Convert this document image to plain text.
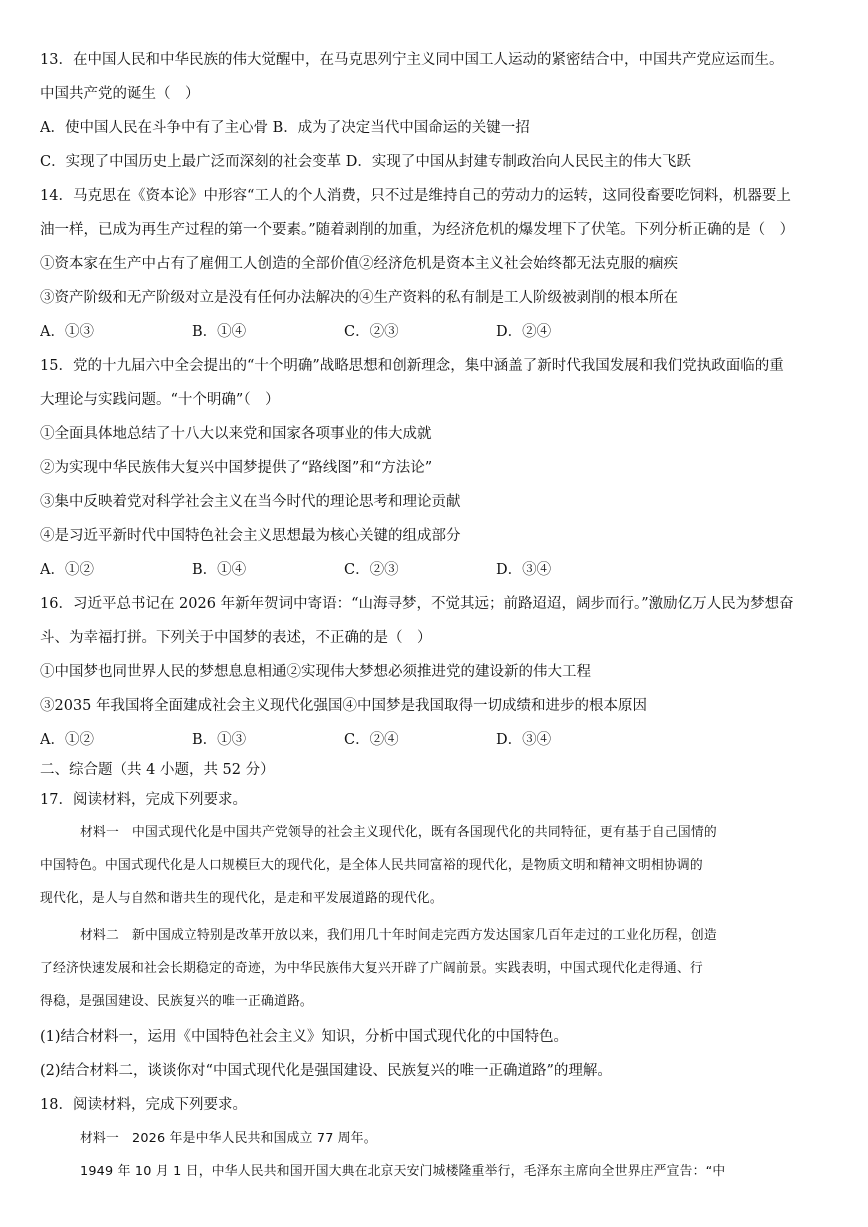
13．在中国人民和中华民族的伟大觉醒中，在马克思列宁主义同中国工人运动的紧密结合中，中国共产党应运而生。
中国共产党的诞生（　）
A．使中国人民在斗争中有了主心骨 B．成为了决定当代中国命运的关键一招
C．实现了中国历史上最广泛而深刻的社会变革 D．实现了中国从封建专制政治向人民民主的伟大飞跃
14．马克思在《资本论》中形容“工人的个人消费，只不过是维持自己的劳动力的运转，这同役畜要吃饲料，机器要上
油一样，已成为再生产过程的第一个要素。”随着剥削的加重，为经济危机的爆发埋下了伏笔。下列分析正确的是（　）
①资本家在生产中占有了雇佣工人创造的全部价值②经济危机是资本主义社会始终都无法克服的痼疾
③资产阶级和无产阶级对立是没有任何办法解决的④生产资料的私有制是工人阶级被剥削的根本所在
A．①③	B．①④	C．②③	D．②④
15．党的十九届六中全会提出的“十个明确”战略思想和创新理念，集中涵盖了新时代我国发展和我们党执政面临的重
大理论与实践问题。“十个明确”（　）
①全面具体地总结了十八大以来党和国家各项事业的伟大成就
②为实现中华民族伟大复兴中国梦提供了“路线图”和“方法论”
③集中反映着党对科学社会主义在当今时代的理论思考和理论贡献
④是习近平新时代中国特色社会主义思想最为核心关键的组成部分
A．①②	B．①④	C．②③	D．③④
16．习近平总书记在 2026 年新年贺词中寄语：“山海寻梦，不觉其远；前路迢迢，阔步而行。”激励亿万人民为梦想奋
斗、为幸福打拼。下列关于中国梦的表述，不正确的是（　）
①中国梦也同世界人民的梦想息息相通②实现伟大梦想必须推进党的建设新的伟大工程
③2035 年我国将全面建成社会主义现代化强国④中国梦是我国取得一切成绩和进步的根本原因
A．①②	B．①③	C．②④	D．③④
二、综合题（共 4 小题，共 52 分）
17．阅读材料，完成下列要求。
材料一　中国式现代化是中国共产党领导的社会主义现代化，既有各国现代化的共同特征，更有基于自己国情的
中国特色。中国式现代化是人口规模巨大的现代化，是全体人民共同富裕的现代化，是物质文明和精神文明相协调的
现代化，是人与自然和谐共生的现代化，是走和平发展道路的现代化。
材料二　新中国成立特别是改革开放以来，我们用几十年时间走完西方发达国家几百年走过的工业化历程，创造
了经济快速发展和社会长期稳定的奇迹，为中华民族伟大复兴开辟了广阔前景。实践表明，中国式现代化走得通、行
得稳，是强国建设、民族复兴的唯一正确道路。
(1)结合材料一，运用《中国特色社会主义》知识，分析中国式现代化的中国特色。
(2)结合材料二，谈谈你对“中国式现代化是强国建设、民族复兴的唯一正确道路”的理解。
18．阅读材料，完成下列要求。
材料一　2026 年是中华人民共和国成立 77 周年。
1949 年 10 月 1 日，中华人民共和国开国大典在北京天安门城楼隆重举行，毛泽东主席向全世界庄严宣告：“中
